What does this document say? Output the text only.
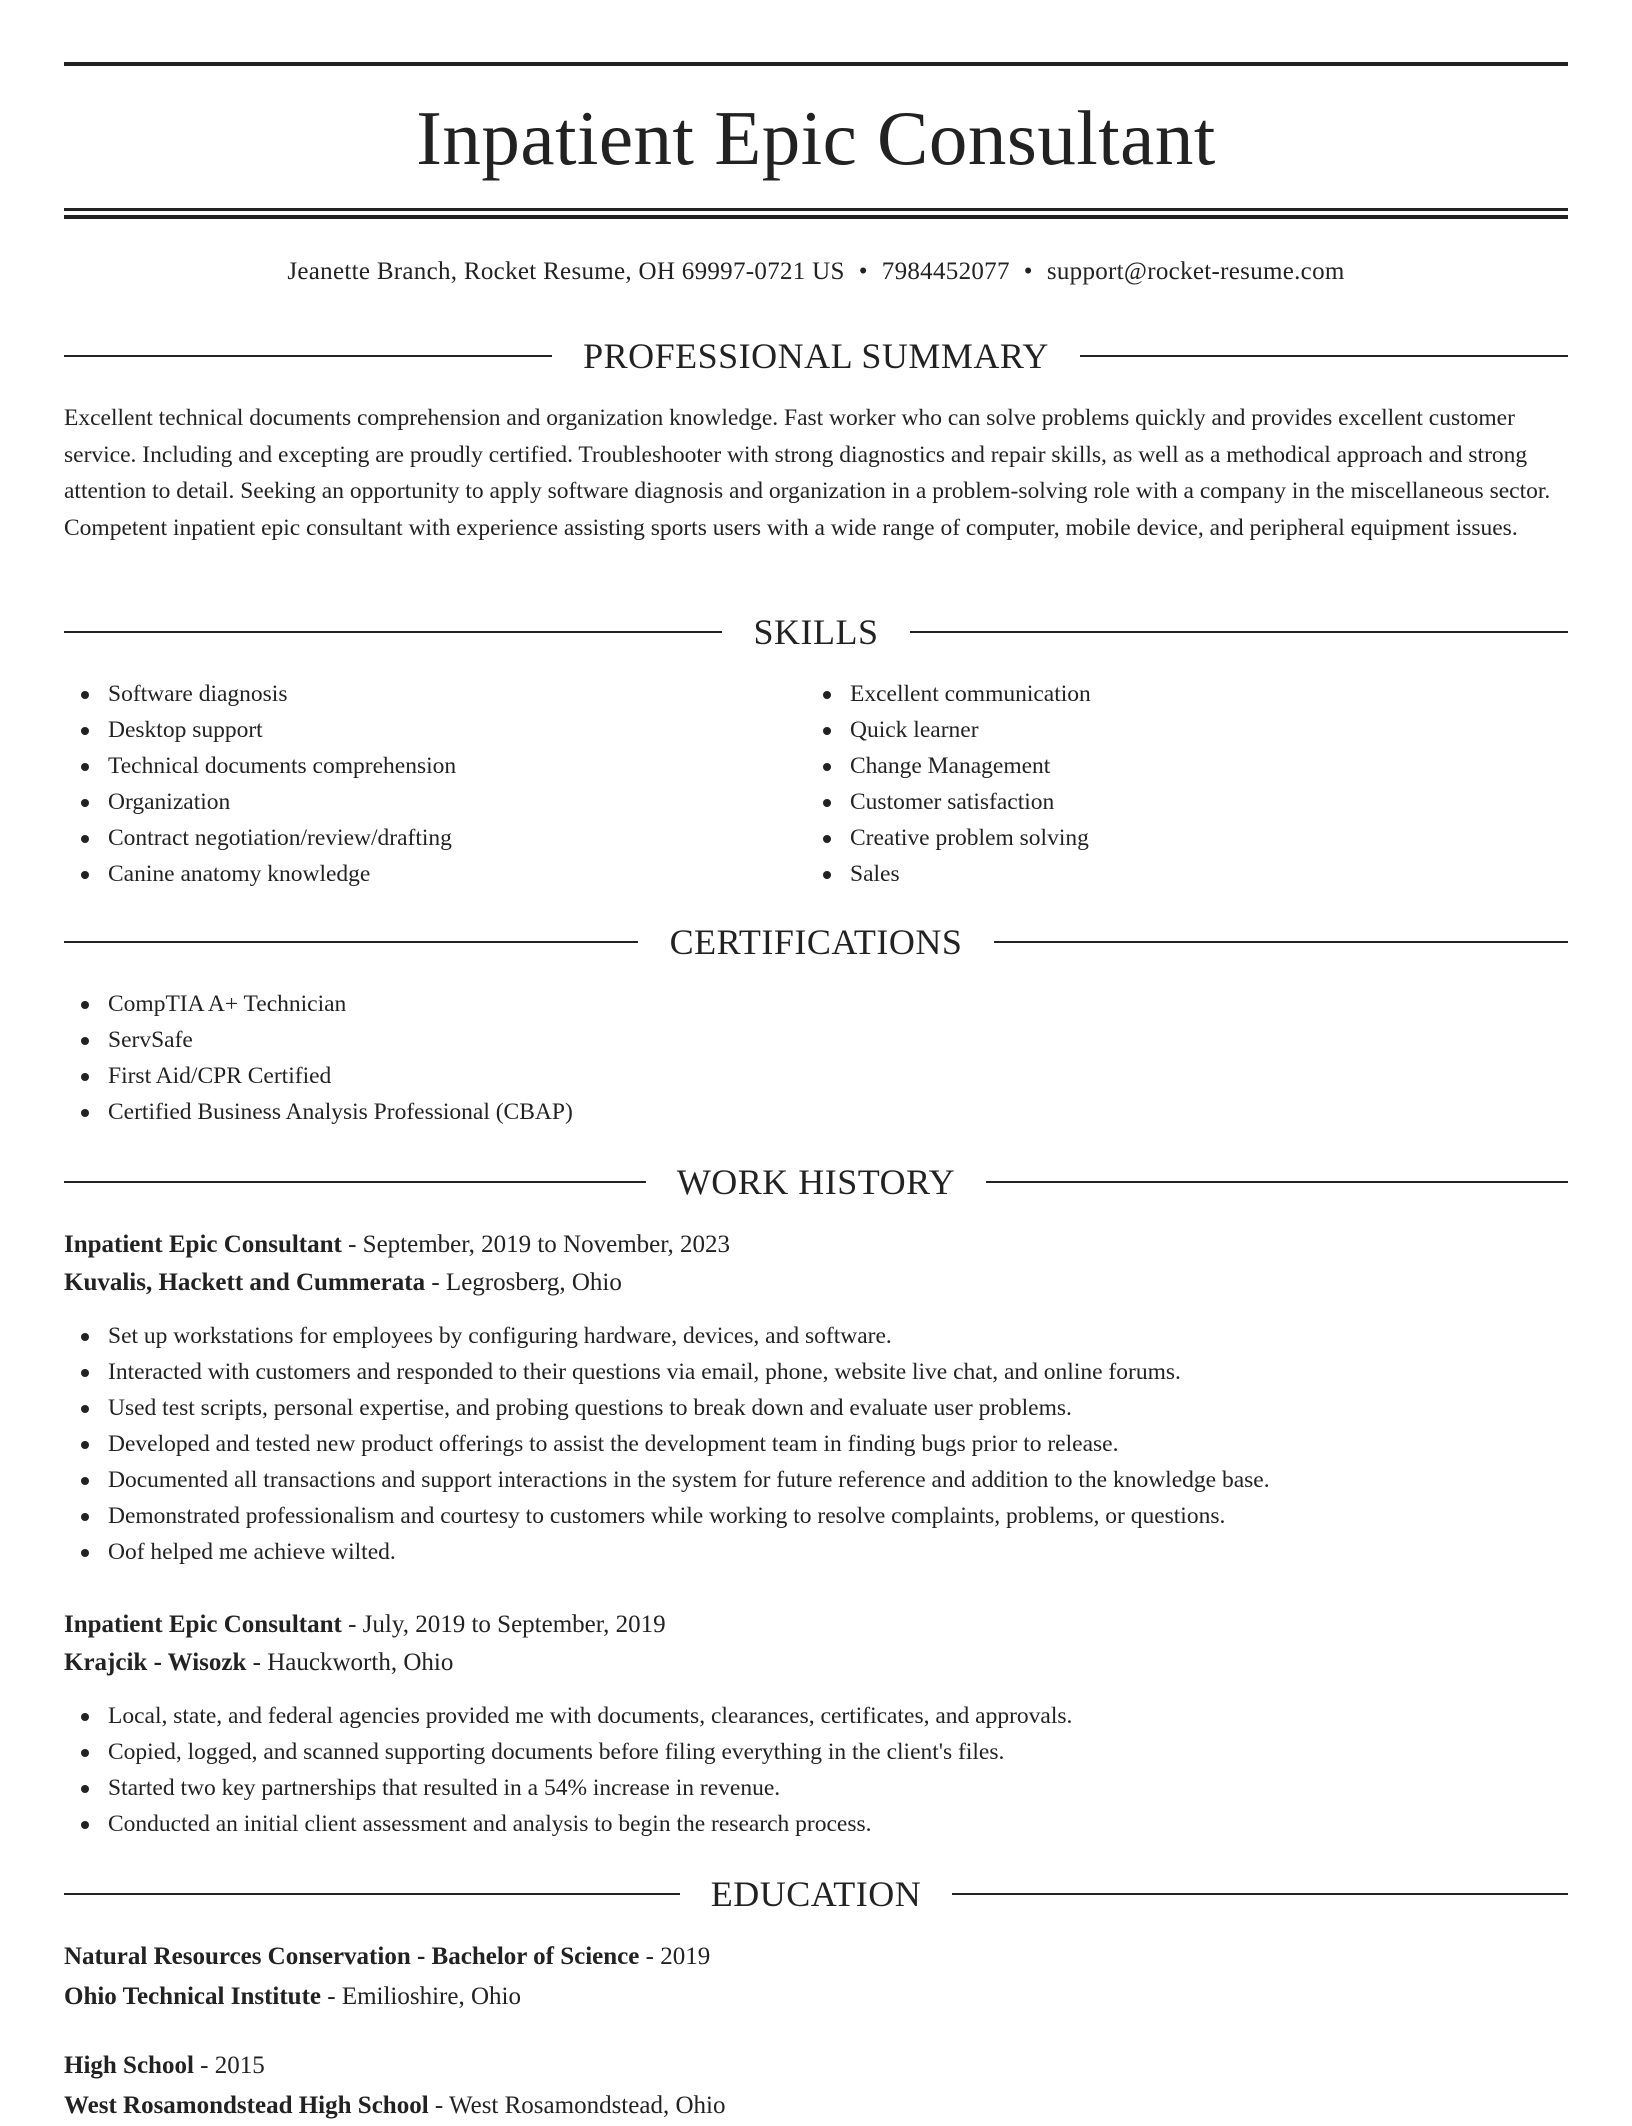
Inpatient Epic Consultant
Jeanette Branch, Rocket Resume, OH 69997-0721 US • 7984452077 • support@rocket-resume.com
PROFESSIONAL SUMMARY

Excellent technical documents comprehension and organization knowledge. Fast worker who can solve problems quickly and provides excellent customer service. Including and excepting are proudly certified. Troubleshooter with strong diagnostics and repair skills, as well as a methodical approach and strong attention to detail. Seeking an opportunity to apply software diagnosis and organization in a problem-solving role with a company in the miscellaneous sector. Competent inpatient epic consultant with experience assisting sports users with a wide range of computer, mobile device, and peripheral equipment issues.

SKILLS
Software diagnosis
Desktop support
Technical documents comprehension
Organization
Contract negotiation/review/drafting
Canine anatomy knowledge
Excellent communication
Quick learner
Change Management
Customer satisfaction
Creative problem solving
Sales
CERTIFICATIONS
CompTIA A+ Technician
ServSafe
First Aid/CPR Certified
Certified Business Analysis Professional (CBAP)
WORK HISTORY
Inpatient Epic Consultant - September, 2019 to November, 2023
Kuvalis, Hackett and Cummerata - Legrosberg, Ohio
Set up workstations for employees by configuring hardware, devices, and software.
Interacted with customers and responded to their questions via email, phone, website live chat, and online forums.
Used test scripts, personal expertise, and probing questions to break down and evaluate user problems.
Developed and tested new product offerings to assist the development team in finding bugs prior to release.
Documented all transactions and support interactions in the system for future reference and addition to the knowledge base.
Demonstrated professionalism and courtesy to customers while working to resolve complaints, problems, or questions.
Oof helped me achieve wilted.
Inpatient Epic Consultant - July, 2019 to September, 2019
Krajcik - Wisozk - Hauckworth, Ohio
Local, state, and federal agencies provided me with documents, clearances, certificates, and approvals.
Copied, logged, and scanned supporting documents before filing everything in the client's files.
Started two key partnerships that resulted in a 54% increase in revenue.
Conducted an initial client assessment and analysis to begin the research process.
EDUCATION
Natural Resources Conservation - Bachelor of Science - 2019
Ohio Technical Institute - Emilioshire, Ohio
High School - 2015
West Rosamondstead High School - West Rosamondstead, Ohio
